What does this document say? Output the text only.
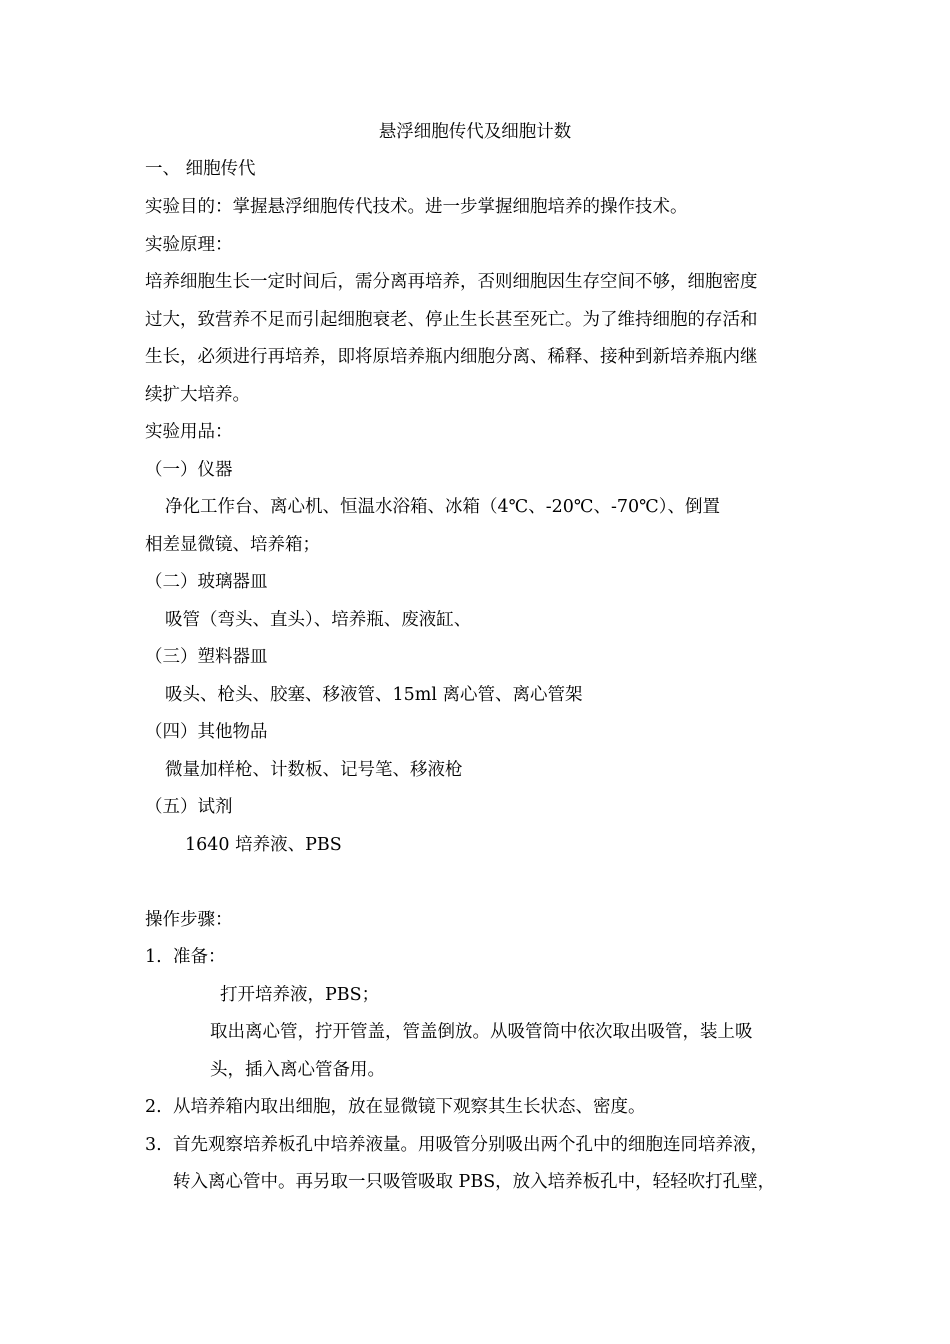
悬浮细胞传代及细胞计数
一、 细胞传代
实验目的：掌握悬浮细胞传代技术。进一步掌握细胞培养的操作技术。
实验原理：
培养细胞生长一定时间后，需分离再培养，否则细胞因生存空间不够，细胞密度
过大，致营养不足而引起细胞衰老、停止生长甚至死亡。为了维持细胞的存活和
生长，必须进行再培养，即将原培养瓶内细胞分离、稀释、接种到新培养瓶内继
续扩大培养。
实验用品：
（一）仪器
净化工作台、离心机、恒温水浴箱、冰箱（4℃、-20℃、-70℃）、倒置
相差显微镜、培养箱；
（二）玻璃器皿
吸管（弯头、直头）、培养瓶、废液缸、
（三）塑料器皿
吸头、枪头、胶塞、移液管、15ml 离心管、离心管架
（四）其他物品
微量加样枪、计数板、记号笔、移液枪
（五）试剂
1640 培养液、PBS
操作步骤：
1. 准备：
打开培养液，PBS；
取出离心管，拧开管盖，管盖倒放。从吸管筒中依次取出吸管，装上吸
头，插入离心管备用。
2. 从培养箱内取出细胞，放在显微镜下观察其生长状态、密度。
3. 首先观察培养板孔中培养液量。用吸管分别吸出两个孔中的细胞连同培养液，
转入离心管中。再另取一只吸管吸取 PBS，放入培养板孔中，轻轻吹打孔壁，
